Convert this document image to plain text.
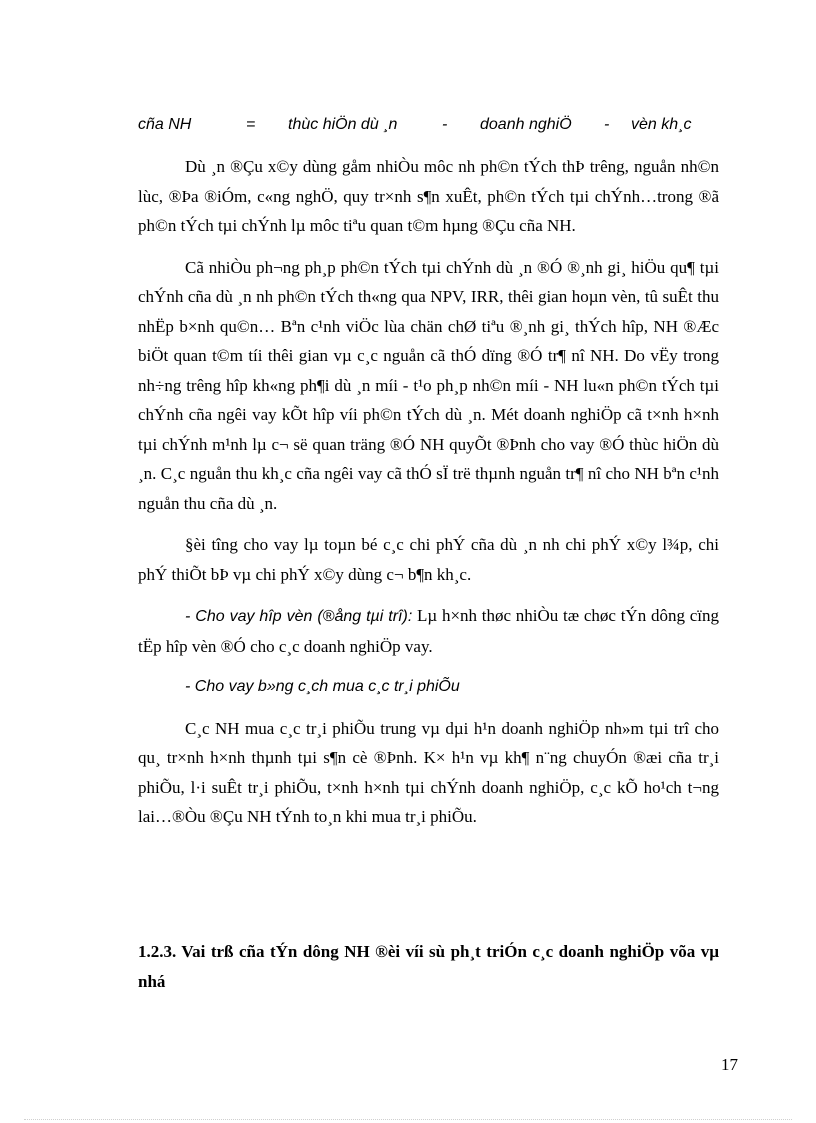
cña NH	= thùc hiÖn dù ¸n	- doanh nghiÖ - vèn kh¸c

Dù ¸n ®Çu x©y dùng gåm nhiÒu môc nh ph©n tÝch thÞ trêng, nguån nh©n lùc, ®Þa ®iÓm, c«ng nghÖ, quy tr×nh s¶n xuÊt, ph©n tÝch tµi chÝnh…trong ®ã ph©n tÝch tµi chÝnh lµ môc tiªu quan t©m hµng ®Çu cña NH.

Cã nhiÒu ph¬ng ph¸p ph©n tÝch tµi chÝnh dù ¸n ®Ó ®¸nh gi¸ hiÖu qu¶ tµi chÝnh cña dù ¸n nh ph©n tÝch th«ng qua NPV, IRR, thêi gian hoµn vèn, tû suÊt thu nhËp b×nh qu©n… Bªn c¹nh viÖc lùa chän chØ tiªu ®¸nh gi¸ thÝch hîp, NH ®Æc biÖt quan t©m tíi thêi gian vµ c¸c nguån cã thÓ dïng ®Ó tr¶ nî NH. Do vËy trong nh÷ng trêng hîp kh«ng ph¶i dù ¸n míi - t¹o ph¸p nh©n míi - NH lu«n ph©n tÝch tµi chÝnh cña ngêi vay kÕt hîp víi ph©n tÝch dù ¸n. Mét doanh nghiÖp cã t×nh h×nh tµi chÝnh m¹nh lµ c¬ së quan träng ®Ó NH quyÕt ®Þnh cho vay ®Ó thùc hiÖn dù ¸n. C¸c nguån thu kh¸c cña ngêi vay cã thÓ sÏ trë thµnh nguån tr¶ nî cho NH bªn c¹nh nguån thu cña dù ¸n.

§èi tîng cho vay lµ toµn bé c¸c chi phÝ cña dù ¸n nh chi phÝ x©y l¾p, chi phÝ thiÕt bÞ vµ chi phÝ x©y dùng c¬ b¶n kh¸c.

- Cho vay hîp vèn (®ång tµi trî): Lµ h×nh thøc nhiÒu tæ chøc tÝn dông cïng tËp hîp vèn ®Ó cho c¸c doanh nghiÖp vay.

- Cho vay b»ng c¸ch mua c¸c tr¸i phiÕu

C¸c NH mua c¸c tr¸i phiÕu trung vµ dµi h¹n doanh nghiÖp nh»m tµi trî cho qu¸ tr×nh h×nh thµnh tµi s¶n cè ®Þnh. K× h¹n vµ kh¶ n¨ng chuyÓn ®æi cña tr¸i phiÕu, l·i suÊt tr¸i phiÕu, t×nh h×nh tµi chÝnh doanh nghiÖp, c¸c kÕ ho¹ch t¬ng lai…®Òu ®Çu NH tÝnh to¸n khi mua tr¸i phiÕu.

1.2.3. Vai trß cña tÝn dông NH ®èi víi sù ph¸t triÓn c¸c doanh nghiÖp võa vµ nhá
17
